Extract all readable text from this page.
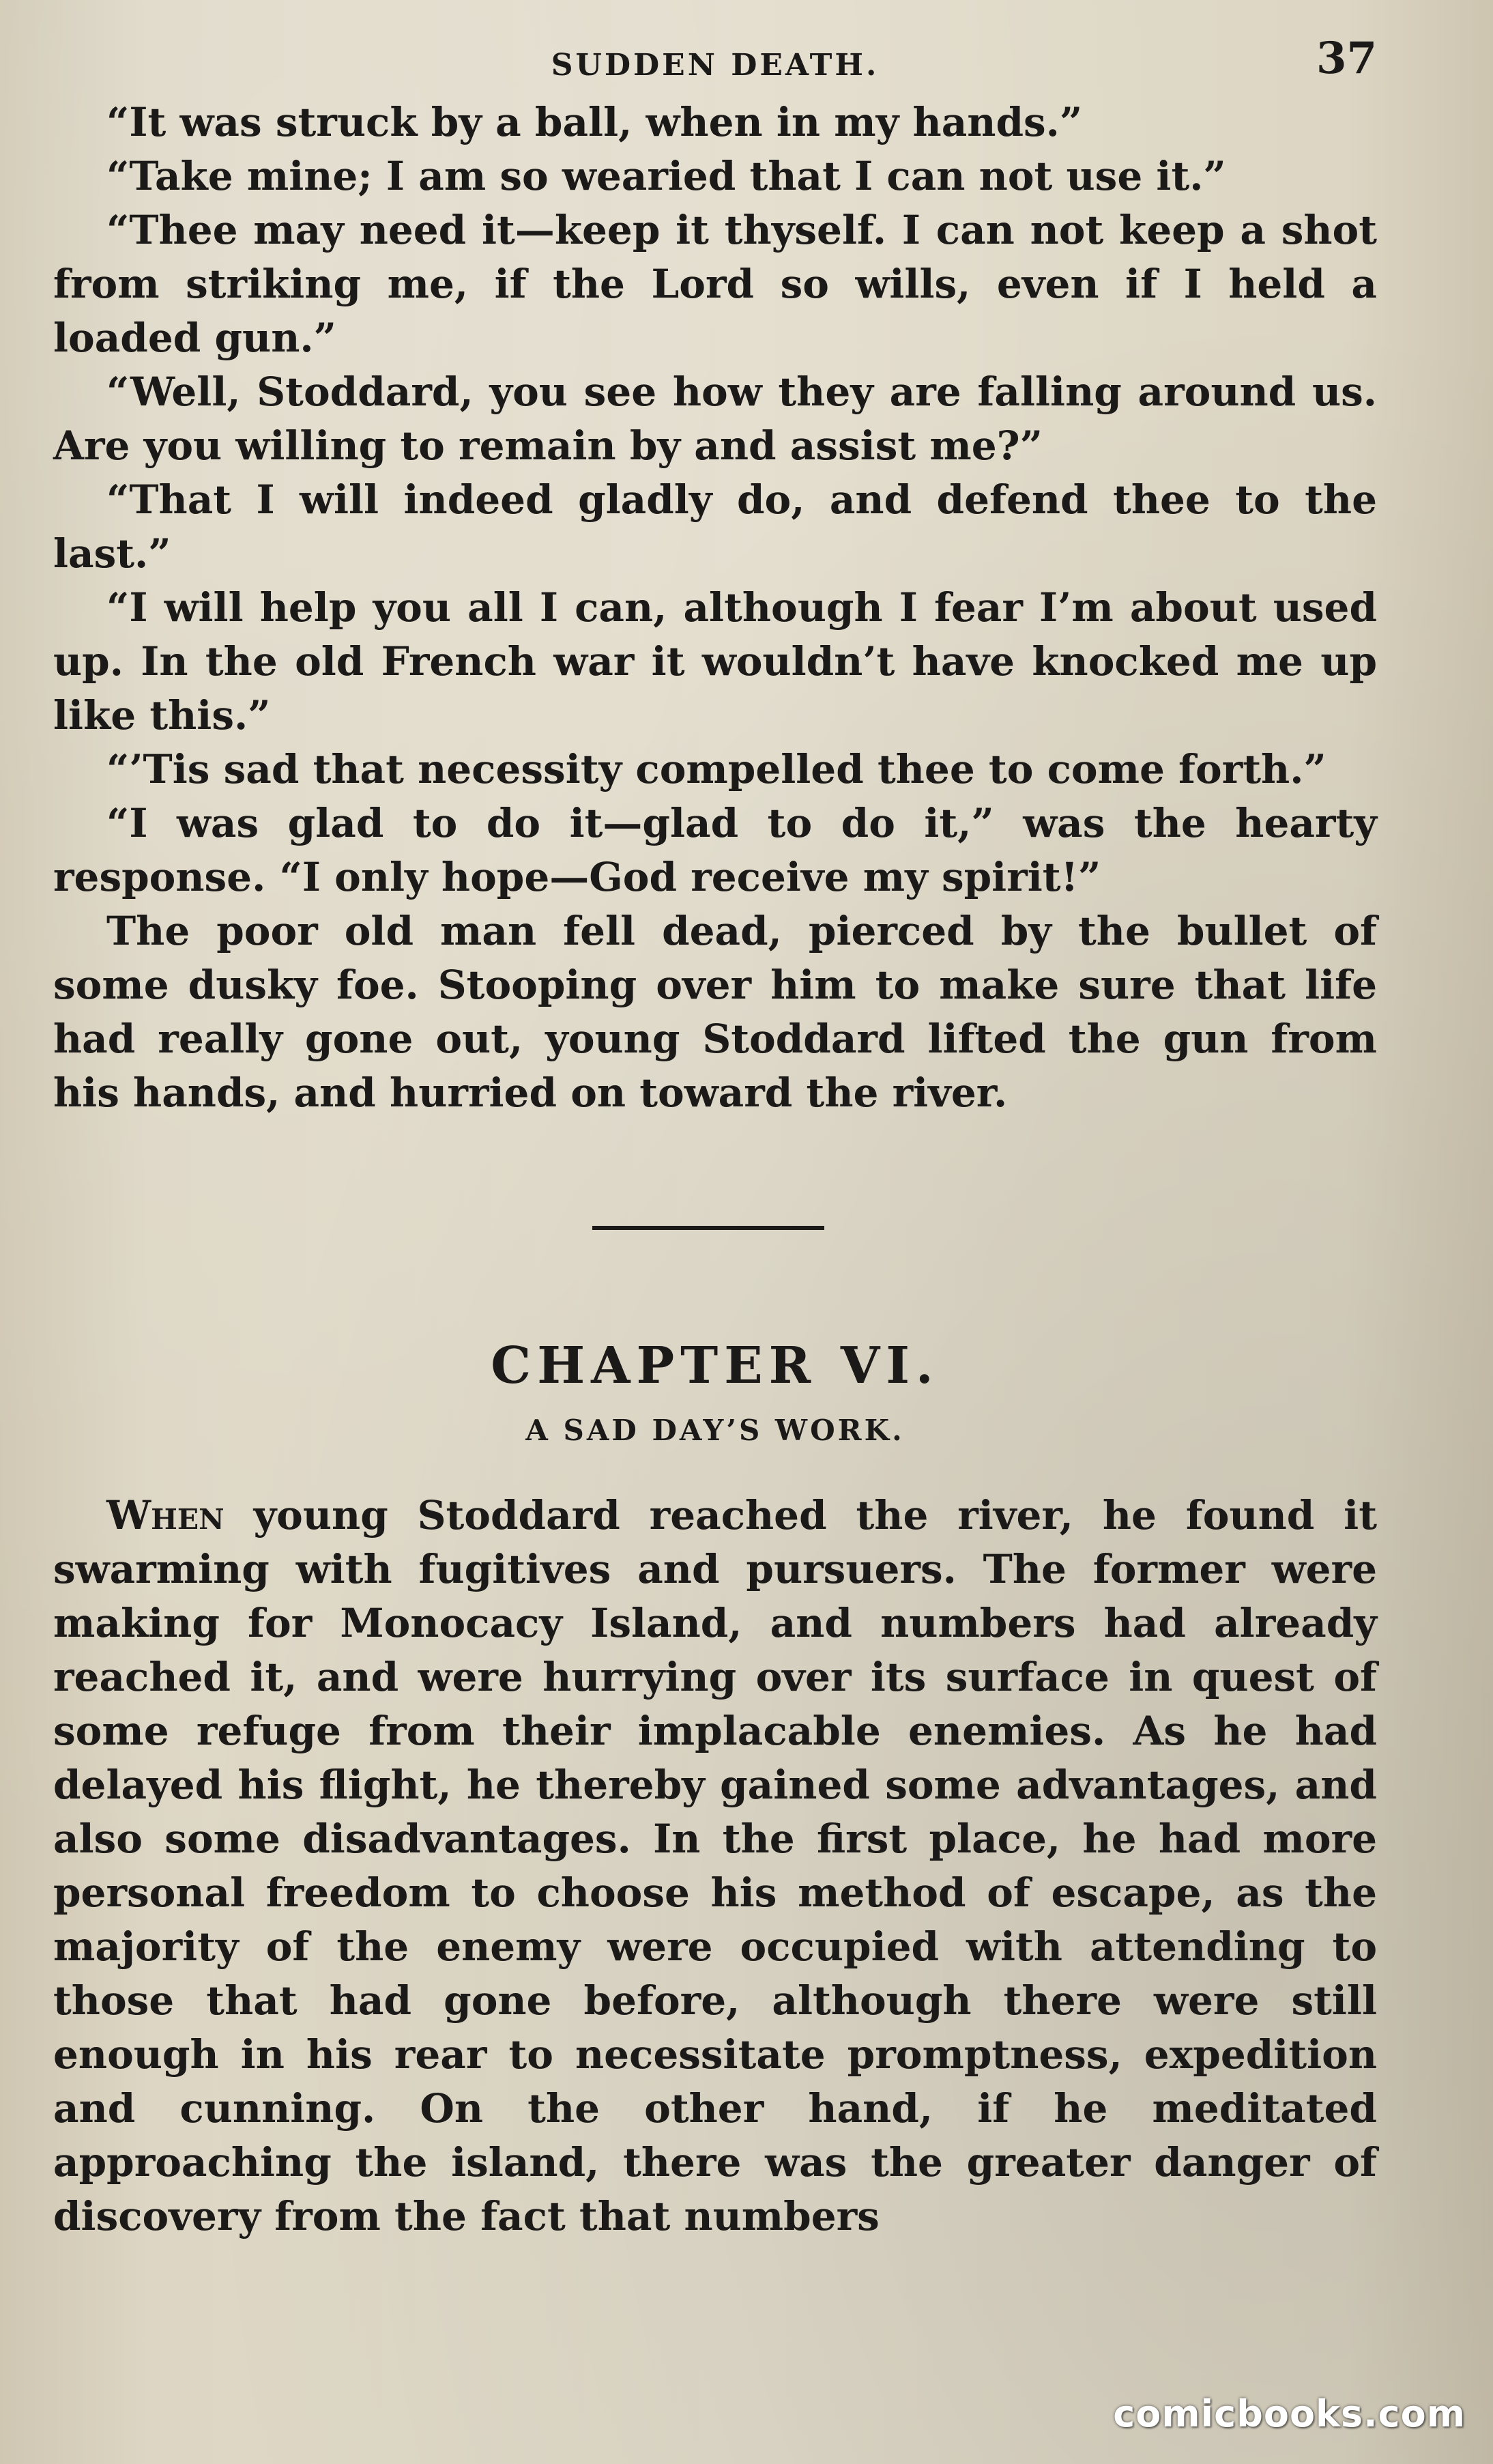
SUDDEN DEATH.	37

“It was struck by a ball, when in my hands.”

“Take mine; I am so wearied that I can not use it.”

“Thee may need it—keep it thyself. I can not keep a shot from striking me, if the Lord so wills, even if I held a loaded gun.”

“Well, Stoddard, you see how they are falling around us. Are you willing to remain by and assist me?”

“That I will indeed gladly do, and defend thee to the last.”

“I will help you all I can, although I fear I’m about used up. In the old French war it wouldn’t have knocked me up like this.”

“’Tis sad that necessity compelled thee to come forth.”

“I was glad to do it—glad to do it,” was the hearty response. “I only hope—God receive my spirit!”

The poor old man fell dead, pierced by the bullet of some dusky foe. Stooping over him to make sure that life had really gone out, young Stoddard lifted the gun from his hands, and hurried on toward the river.

CHAPTER VI.
A SAD DAY’S WORK.

When young Stoddard reached the river, he found it swarming with fugitives and pursuers. The former were making for Monocacy Island, and numbers had already reached it, and were hurrying over its surface in quest of some refuge from their implacable enemies. As he had delayed his flight, he thereby gained some advantages, and also some disadvantages. In the first place, he had more personal freedom to choose his method of escape, as the majority of the enemy were occupied with attending to those that had gone before, although there were still enough in his rear to necessitate promptness, expedition and cunning. On the other hand, if he meditated approaching the island, there was the greater danger of discovery from the fact that numbers

comicbooks.com
